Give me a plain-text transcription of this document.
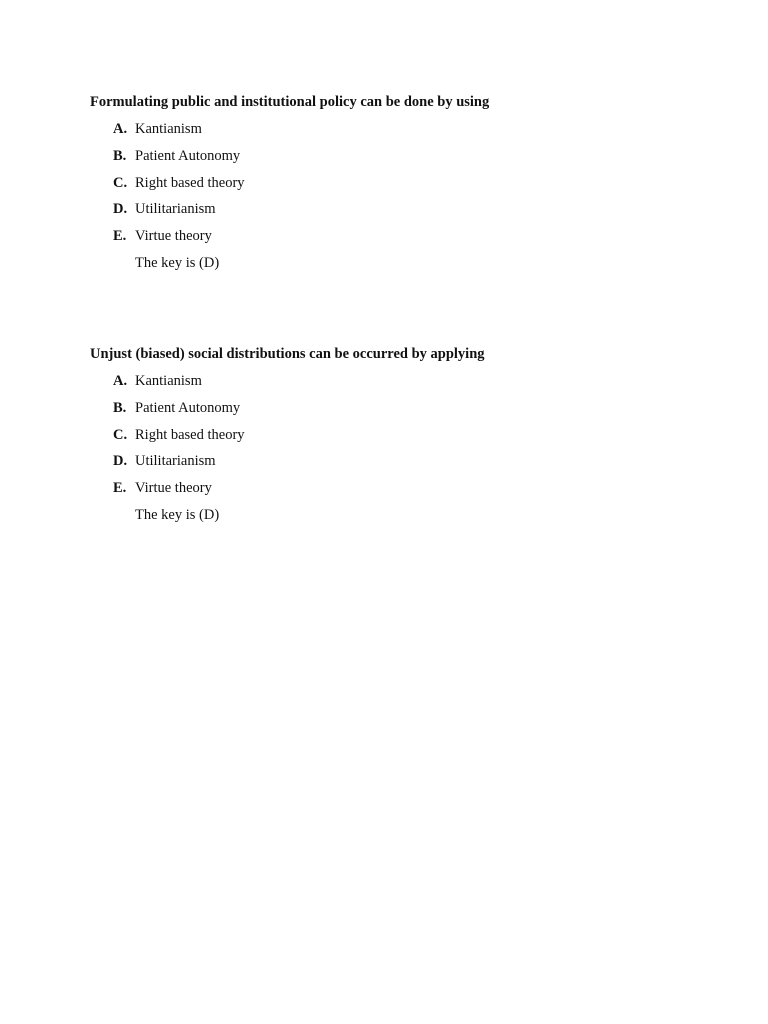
Formulating public and institutional policy can be done by using
A. Kantianism
B. Patient Autonomy
C. Right based theory
D. Utilitarianism
E. Virtue theory
The key is (D)
Unjust (biased) social distributions can be occurred by applying
A. Kantianism
B. Patient Autonomy
C. Right based theory
D. Utilitarianism
E. Virtue theory
The key is (D)
